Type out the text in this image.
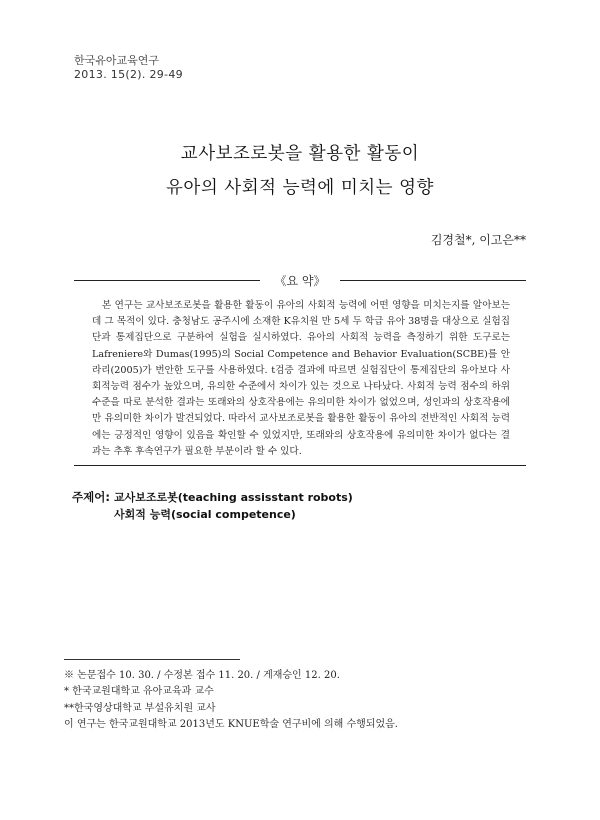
한국유아교육연구
2013. 15(2). 29-49
교사보조로봇을 활용한 활동이
유아의 사회적 능력에 미치는 영향
김경철*, 이고은**
《요 약》

본 연구는 교사보조로봇을 활용한 활동이 유아의 사회적 능력에 어떤 영향을 미치는지를 알아보는데 그 목적이 있다. 충청남도 공주시에 소재한 K유치원 만 5세 두 학급 유아 38명을 대상으로 실험집단과 통제집단으로 구분하여 실험을 실시하였다. 유아의 사회적 능력을 측정하기 위한 도구로는 Lafreniere와 Dumas(1995)의 Social Competence and Behavior Evaluation(SCBE)를 안라리(2005)가 번안한 도구를 사용하였다. t검증 결과에 따르면 실험집단이 통제집단의 유아보다 사회적능력 점수가 높았으며, 유의한 수준에서 차이가 있는 것으로 나타났다. 사회적 능력 점수의 하위수준을 따로 분석한 결과는 또래와의 상호작용에는 유의미한 차이가 없었으며, 성인과의 상호작용에만 유의미한 차이가 발견되었다. 따라서 교사보조로봇을 활용한 활동이 유아의 전반적인 사회적 능력에는 긍정적인 영향이 있음을 확인할 수 있었지만, 또래와의 상호작용에 유의미한 차이가 없다는 결과는 추후 후속연구가 필요한 부분이라 할 수 있다.

주제어: 교사보조로봇(teaching assisstant robots)
사회적 능력(social competence)
※ 논문접수 10. 30. / 수정본 접수 11. 20. / 게재승인 12. 20.
* 한국교원대학교 유아교육과 교수
**한국영상대학교 부설유치원 교사
이 연구는 한국교원대학교 2013년도 KNUE학술 연구비에 의해 수행되었음.
